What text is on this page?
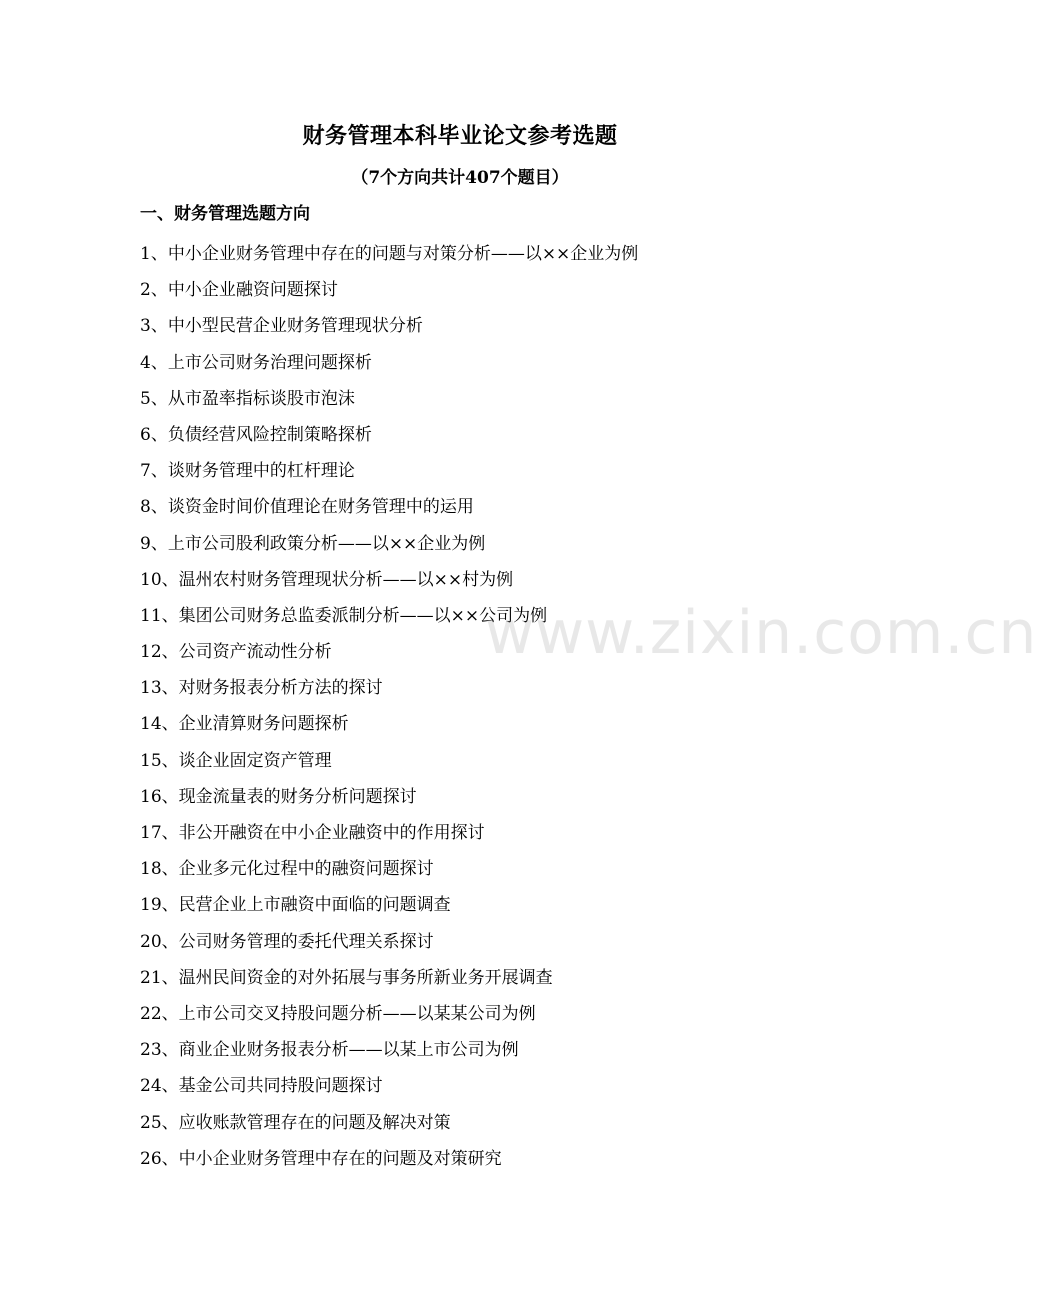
财务管理本科毕业论文参考选题
（7个方向共计407个题目）
一、财务管理选题方向
1、中小企业财务管理中存在的问题与对策分析——以××企业为例
2、中小企业融资问题探讨
3、中小型民营企业财务管理现状分析
4、上市公司财务治理问题探析
5、从市盈率指标谈股市泡沫
6、负债经营风险控制策略探析
7、谈财务管理中的杠杆理论
8、谈资金时间价值理论在财务管理中的运用
9、上市公司股利政策分析——以××企业为例
10、温州农村财务管理现状分析——以××村为例
11、集团公司财务总监委派制分析——以××公司为例
12、公司资产流动性分析
13、对财务报表分析方法的探讨
14、企业清算财务问题探析
15、谈企业固定资产管理
16、现金流量表的财务分析问题探讨
17、非公开融资在中小企业融资中的作用探讨
18、企业多元化过程中的融资问题探讨
19、民营企业上市融资中面临的问题调查
20、公司财务管理的委托代理关系探讨
21、温州民间资金的对外拓展与事务所新业务开展调查
22、上市公司交叉持股问题分析——以某某公司为例
23、商业企业财务报表分析——以某上市公司为例
24、基金公司共同持股问题探讨
25、应收账款管理存在的问题及解决对策
26、中小企业财务管理中存在的问题及对策研究
www.zixin.com.cn
